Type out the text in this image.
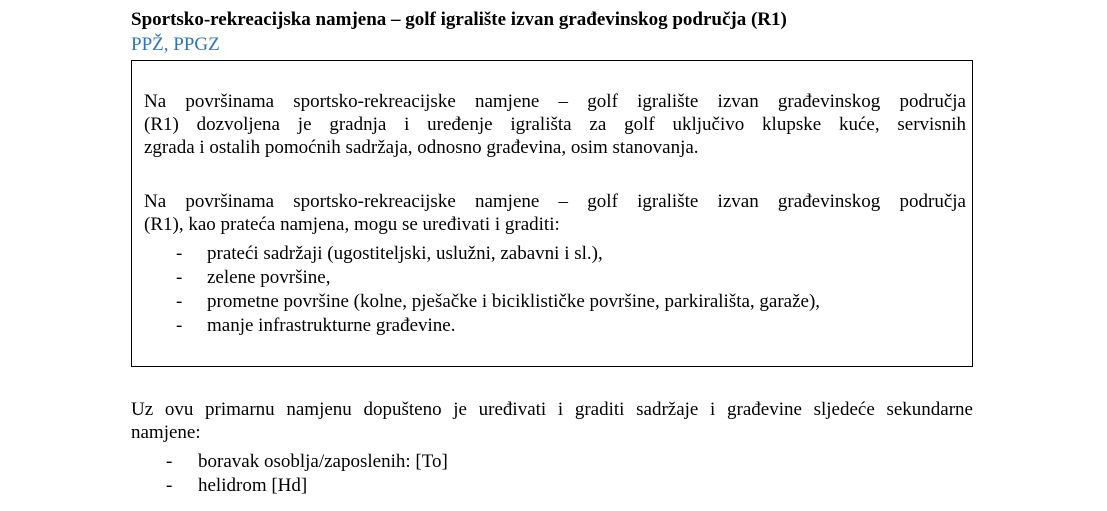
Sportsko-rekreacijska namjena – golf igralište izvan građevinskog područja (R1)
PPŽ, PPGZ
Na površinama sportsko-rekreacijske namjene – golf igralište izvan građevinskog područja
(R1) dozvoljena je gradnja i uređenje igrališta za golf uključivo klupske kuće, servisnih
zgrada i ostalih pomoćnih sadržaja, odnosno građevina, osim stanovanja.
Na površinama sportsko-rekreacijske namjene – golf igralište izvan građevinskog područja
(R1), kao prateća namjena, mogu se uređivati i graditi:
- prateći sadržaji (ugostiteljski, uslužni, zabavni i sl.),
- zelene površine,
- prometne površine (kolne, pješačke i biciklističke površine, parkirališta, garaže),
- manje infrastrukturne građevine.
Uz ovu primarnu namjenu dopušteno je uređivati i graditi sadržaje i građevine sljedeće sekundarne
namjene:
- boravak osoblja/zaposlenih: [To]
- helidrom [Hd]
